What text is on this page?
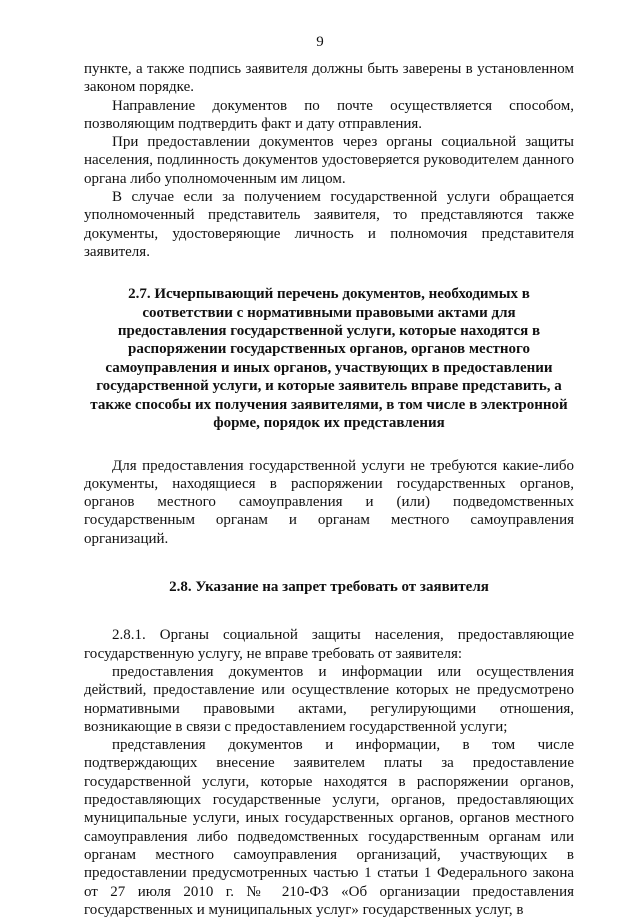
9

пункте, а также подпись заявителя должны быть заверены в установленном законом порядке.

Направление документов по почте осуществляется способом, позволяющим подтвердить факт и дату отправления.

При предоставлении документов через органы социальной защиты населения, подлинность документов удостоверяется руководителем данного органа либо уполномоченным им лицом.

В случае если за получением государственной услуги обращается уполномоченный представитель заявителя, то представляются также документы, удостоверяющие личность и полномочия представителя заявителя.

2.7. Исчерпывающий перечень документов, необходимых в соответствии с нормативными правовыми актами для предоставления государственной услуги, которые находятся в распоряжении государственных органов, органов местного самоуправления и иных органов, участвующих в предоставлении государственной услуги, и которые заявитель вправе представить, а также способы их получения заявителями, в том числе в электронной форме, порядок их представления

Для предоставления государственной услуги не требуются какие-либо документы, находящиеся в распоряжении государственных органов, органов местного самоуправления и (или) подведомственных государственным органам и органам местного самоуправления организаций.

2.8. Указание на запрет требовать от заявителя

2.8.1. Органы социальной защиты населения, предоставляющие государственную услугу, не вправе требовать от заявителя:

предоставления документов и информации или осуществления действий, предоставление или осуществление которых не предусмотрено нормативными правовыми актами, регулирующими отношения, возникающие в связи с предоставлением государственной услуги;

представления документов и информации, в том числе подтверждающих внесение заявителем платы за предоставление государственной услуги, которые находятся в распоряжении органов, предоставляющих государственные услуги, органов, предоставляющих муниципальные услуги, иных государственных органов, органов местного самоуправления либо подведомственных государственным органам или органам местного самоуправления организаций, участвующих в предоставлении предусмотренных частью 1 статьи 1 Федерального закона от 27 июля 2010 г. № 210-ФЗ «Об организации предоставления государственных и муниципальных услуг» государственных услуг, в
